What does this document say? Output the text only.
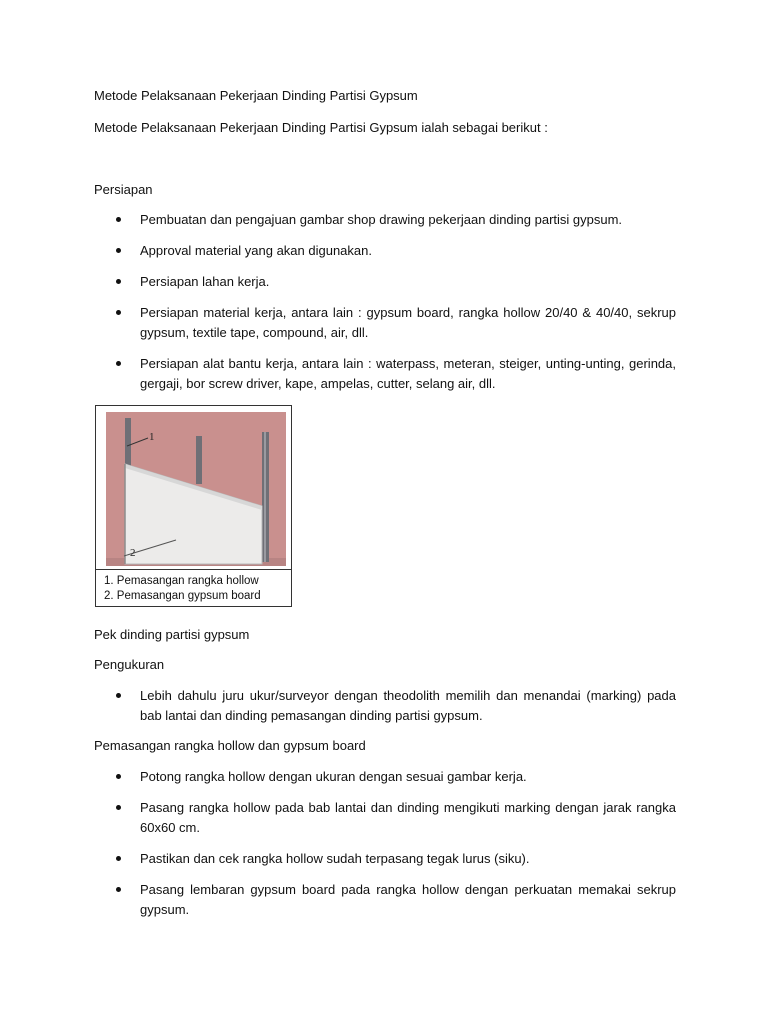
Metode Pelaksanaan Pekerjaan Dinding Partisi Gypsum

Metode Pelaksanaan Pekerjaan Dinding Partisi Gypsum ialah sebagai berikut :

Persiapan

Pembuatan dan pengajuan gambar shop drawing pekerjaan dinding partisi gypsum.
Approval material yang akan digunakan.
Persiapan lahan kerja.
Persiapan material kerja, antara lain : gypsum board, rangka hollow 20/40 & 40/40, sekrup gypsum, textile tape, compound, air, dll.
Persiapan alat bantu kerja, antara lain : waterpass, meteran, steiger, unting-unting, gerinda, gergaji, bor screw driver, kape, ampelas, cutter, selang air, dll.
1
2
1. Pemasangan rangka hollow
2. Pemasangan gypsum board

Pek dinding partisi gypsum

Pengukuran

Lebih dahulu juru ukur/surveyor dengan theodolith memilih dan menandai (marking) pada bab lantai dan dinding pemasangan dinding partisi gypsum.

Pemasangan rangka hollow dan gypsum board

Potong rangka hollow dengan ukuran dengan sesuai gambar kerja.
Pasang rangka hollow pada bab lantai dan dinding mengikuti marking dengan jarak rangka 60x60 cm.
Pastikan dan cek rangka hollow sudah terpasang tegak lurus (siku).
Pasang lembaran gypsum board pada rangka hollow dengan perkuatan memakai sekrup gypsum.
